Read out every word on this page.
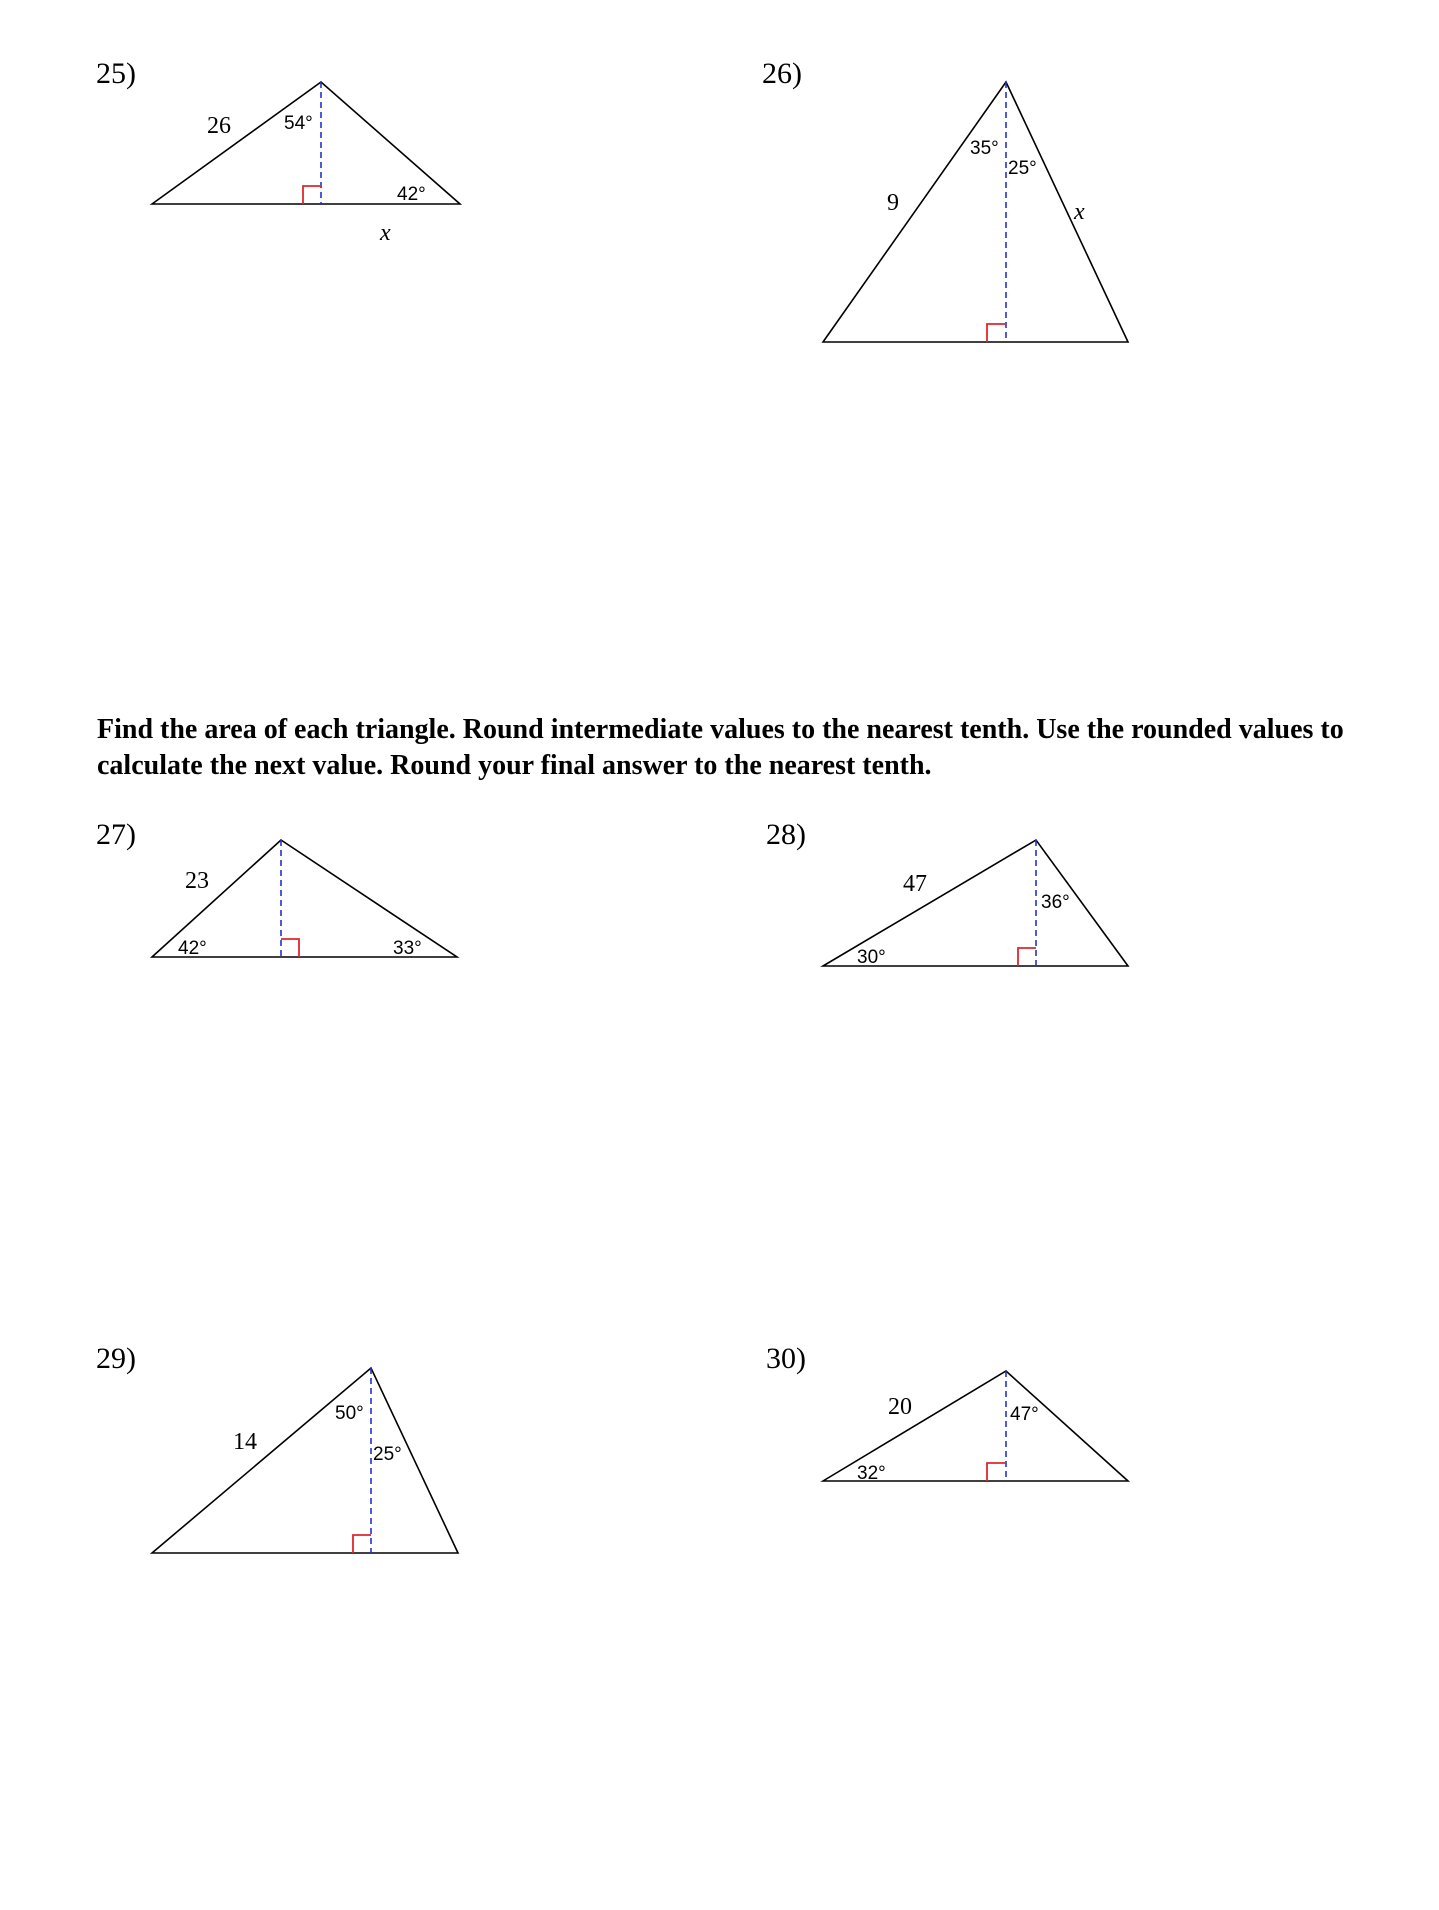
25)
26	54°
42°
x
26)
9
35°
25°
x
27)
23
42°	33°
28)
47
30°
36°
29)
14
50°
25°
30)
20
32°
47°

Find the area of each triangle. Round intermediate values to the nearest tenth. Use the rounded values to calculate the next value. Round your final answer to the nearest tenth.
